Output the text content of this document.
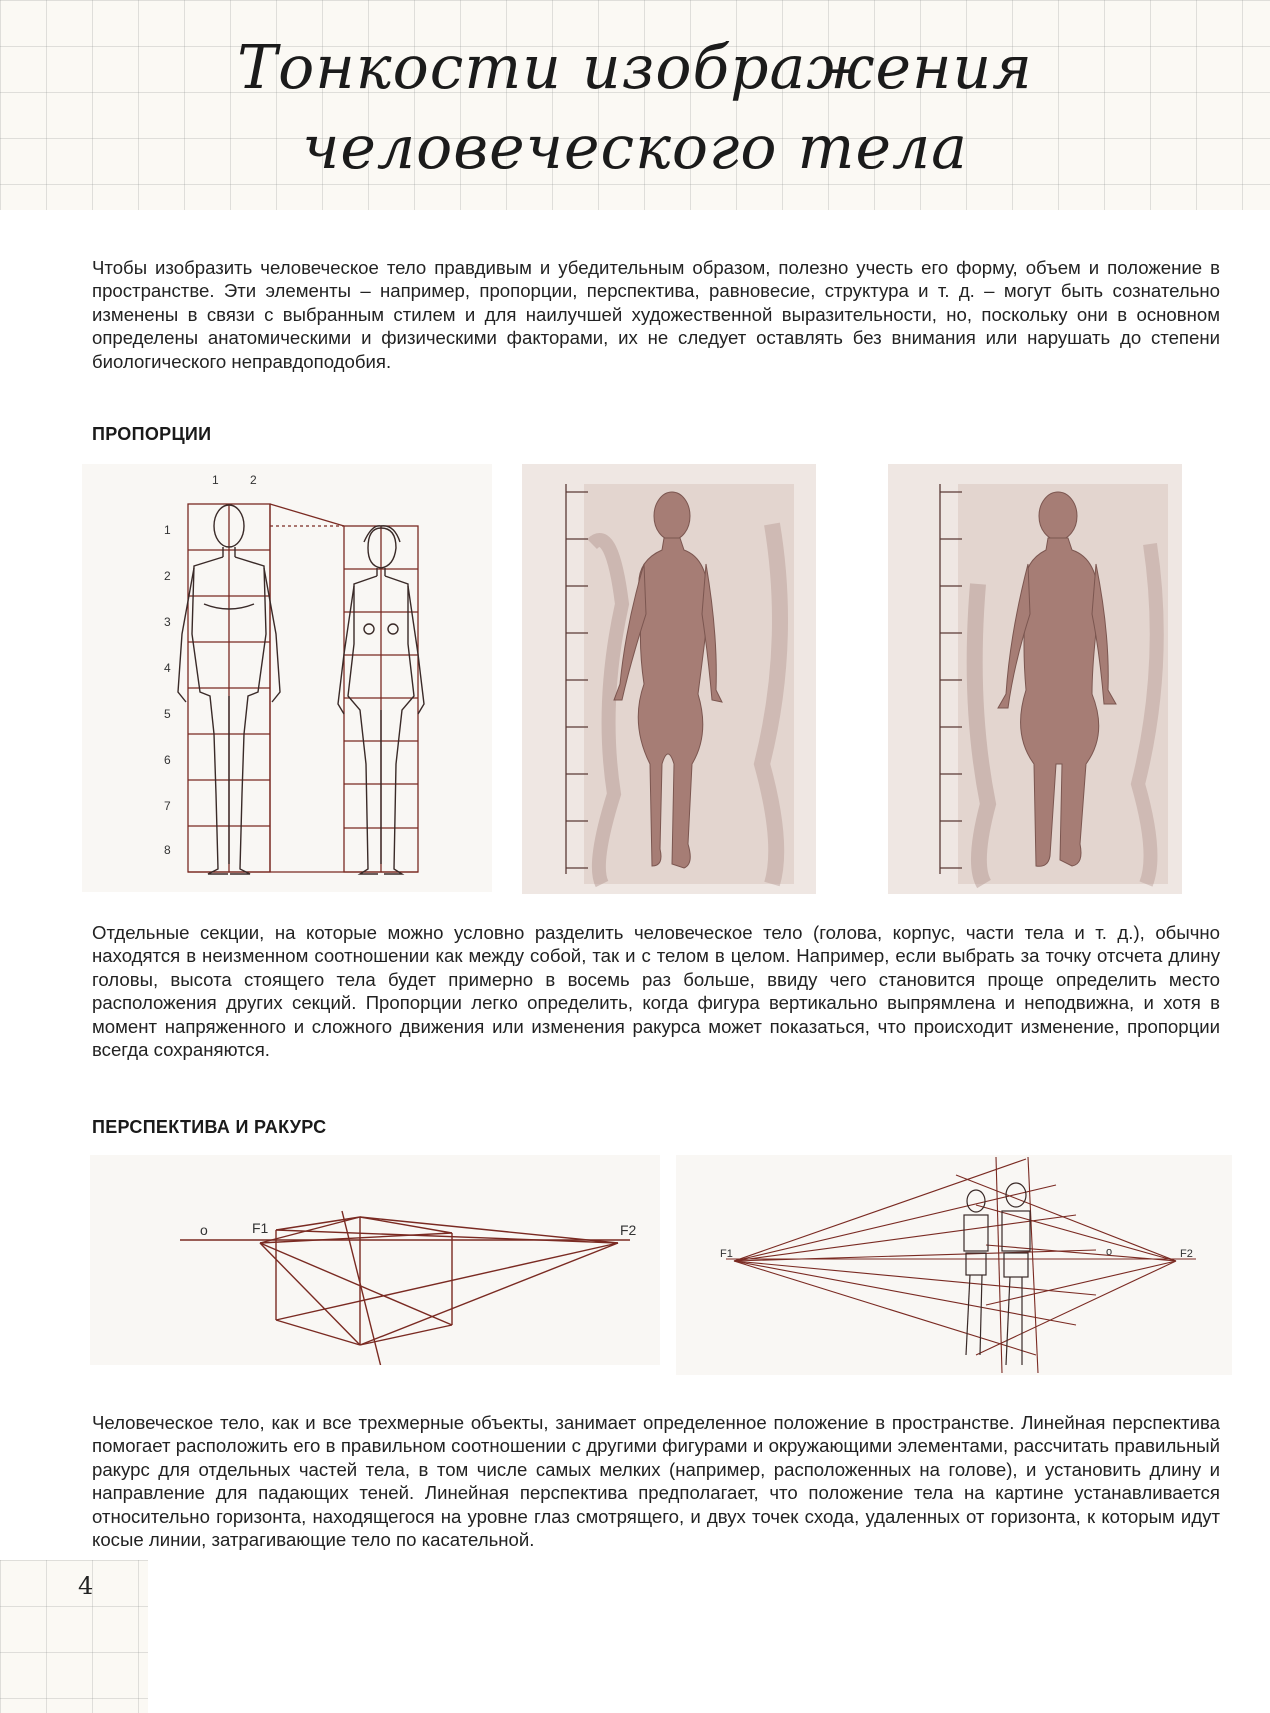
Тонкости изображения
человеческого тела

Чтобы изобразить человеческое тело правдивым и убедительным образом, полезно учесть его форму, объем и положение в пространстве. Эти элементы – например, пропорции, перспектива, равновесие, структура и т. д. – могут быть сознательно изменены в связи с выбранным стилем и для наилучшей художественной выразительности, но, поскольку они в основном определены анатомическими и физическими факторами, их не следует оставлять без внимания или нарушать до степени биологического неправдоподобия.

ПРОПОРЦИИ
1	2
1
2
3
4
5
6
7
8

Отдельные секции, на которые можно условно разделить человеческое тело (голова, корпус, части тела и т. д.), обычно находятся в неизменном соотношении как между собой, так и с телом в целом. Например, если выбрать за точку отсчета длину головы, высота стоящего тела будет примерно в восемь раз больше, ввиду чего становится проще определить место расположения других секций. Пропорции легко определить, когда фигура вертикально выпрямлена и неподвижна, и хотя в момент напряженного и сложного движения или изменения ракурса может показаться, что происходит изменение, пропорции всегда сохраняются.

ПЕРСПЕКТИВА И РАКУРС
o	F1	F2
F1	F2
o

Человеческое тело, как и все трехмерные объекты, занимает определенное положение в пространстве. Линейная перспектива помогает расположить его в правильном соотношении с другими фигурами и окружающими элементами, рассчитать правильный ракурс для отдельных частей тела, в том числе самых мелких (например, расположенных на голове), и установить длину и направление для падающих теней. Линейная перспектива предполагает, что положение тела на картине устанавливается относительно горизонта, находящегося на уровне глаз смотрящего, и двух точек схода, удаленных от горизонта, к которым идут косые линии, затрагивающие тело по касательной.

4
